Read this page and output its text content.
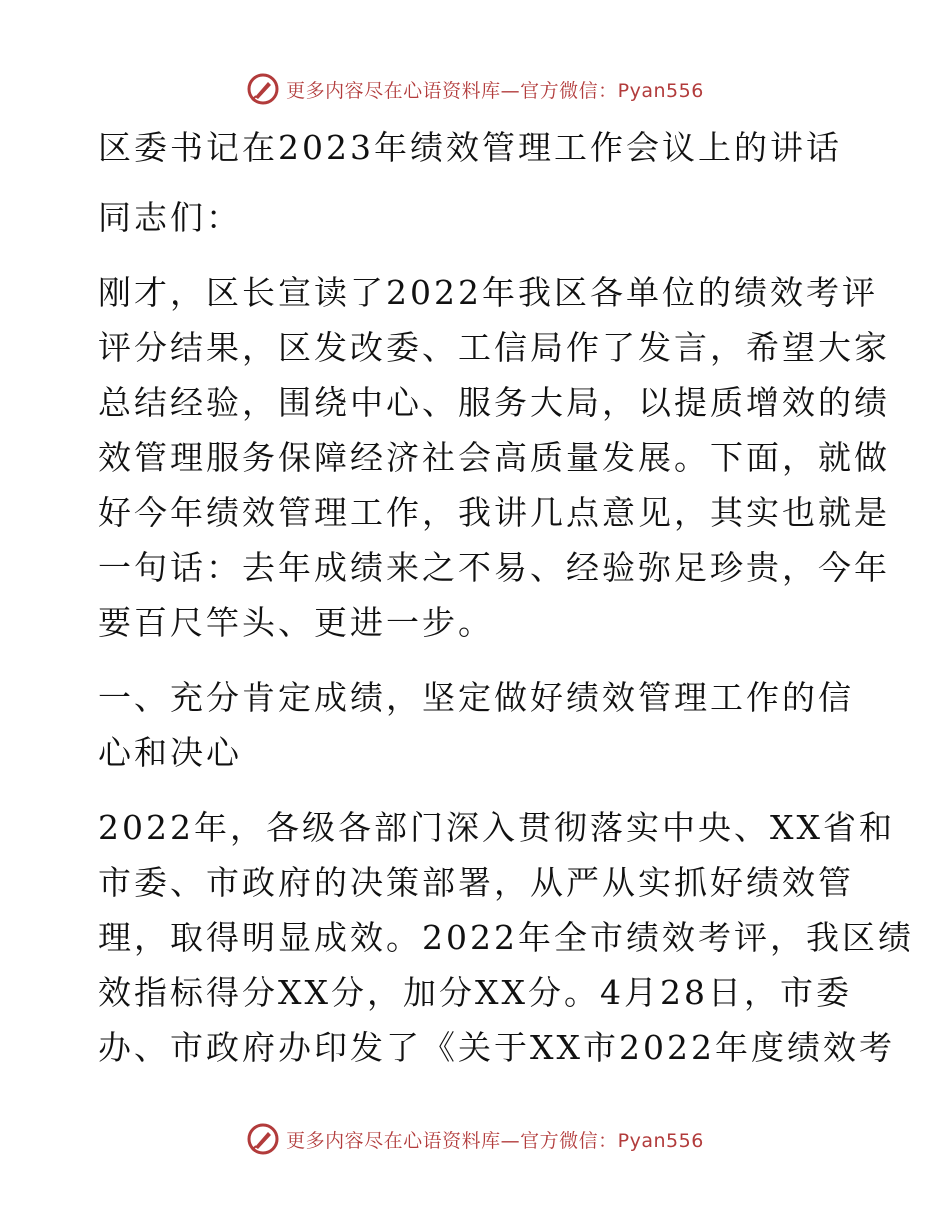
更多内容尽在心语资料库—官方微信：Pyan556
区委书记在2023年绩效管理工作会议上的讲话
同志们：
刚才，区长宣读了2022年我区各单位的绩效考评
评分结果，区发改委、工信局作了发言，希望大家
总结经验，围绕中心、服务大局，以提质增效的绩
效管理服务保障经济社会高质量发展。下面，就做
好今年绩效管理工作，我讲几点意见，其实也就是
一句话：去年成绩来之不易、经验弥足珍贵，今年
要百尺竿头、更进一步。
一、充分肯定成绩，坚定做好绩效管理工作的信
心和决心
2022年，各级各部门深入贯彻落实中央、XX省和
市委、市政府的决策部署，从严从实抓好绩效管
理，取得明显成效。2022年全市绩效考评，我区绩
效指标得分XX分，加分XX分。4月28日，市委
办、市政府办印发了《关于XX市2022年度绩效考
更多内容尽在心语资料库—官方微信：Pyan556
